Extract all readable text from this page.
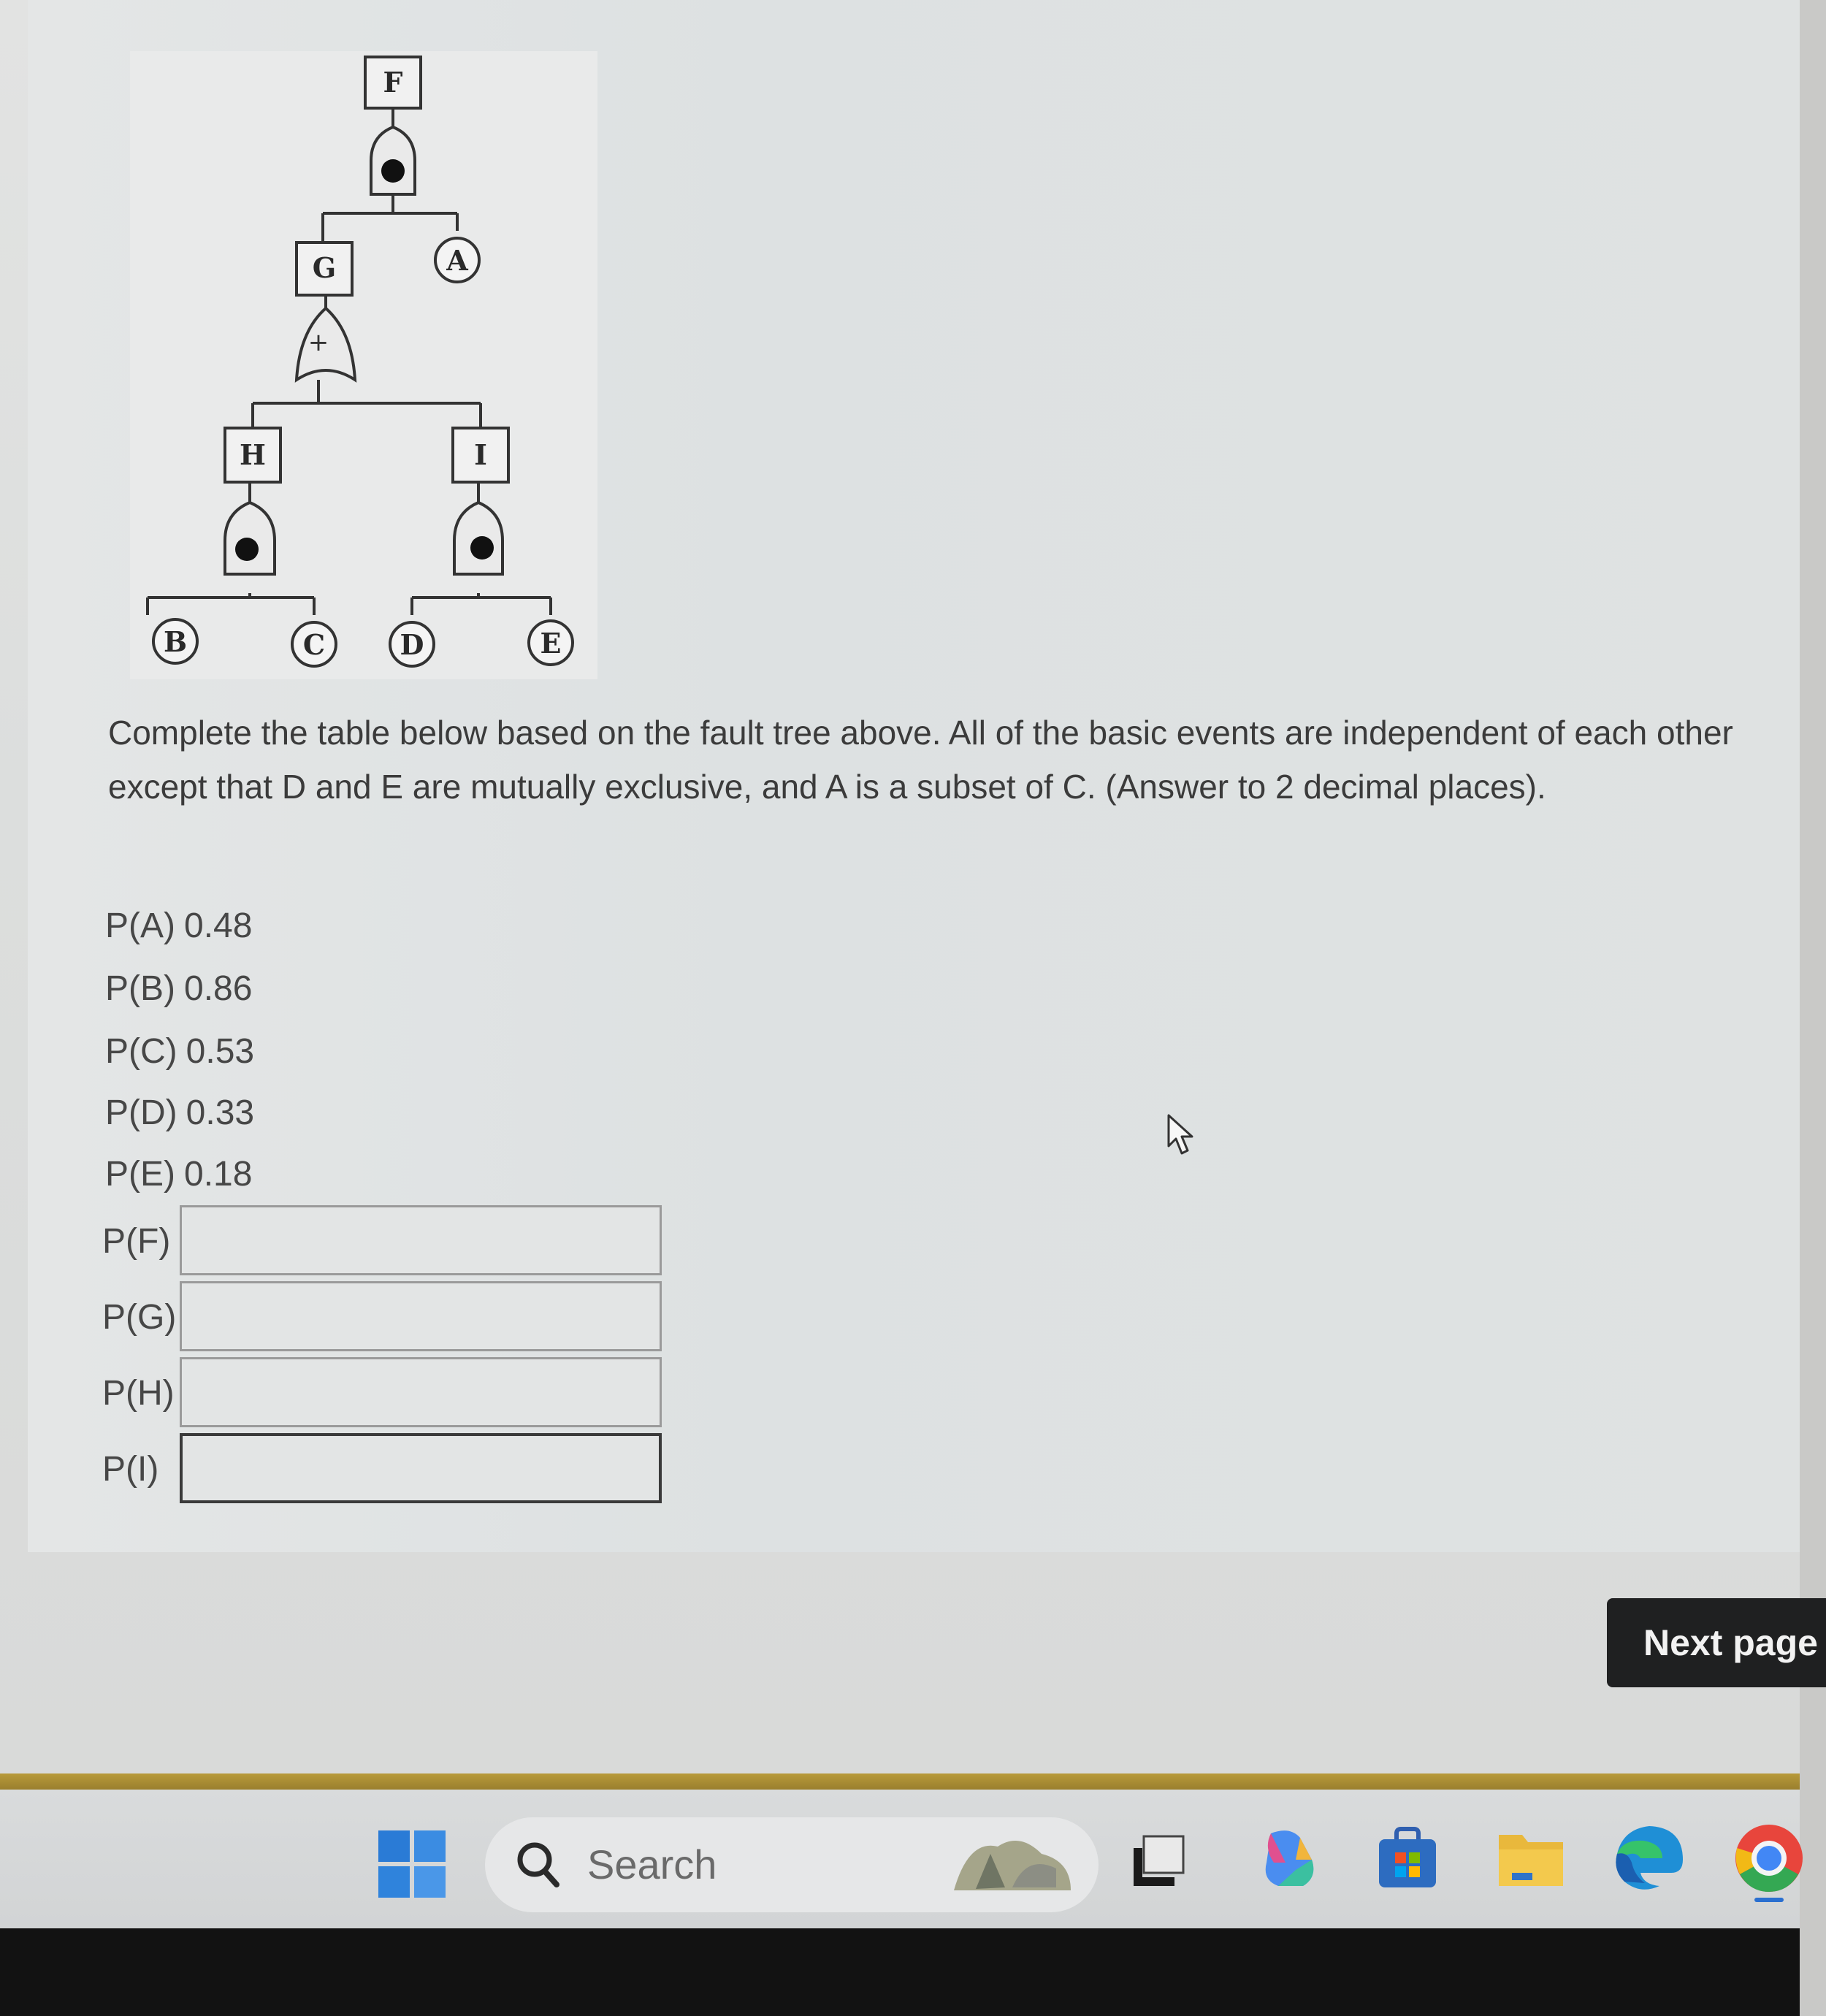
F
G
+
A
H	I
B	C	D	E

Complete the table below based on the fault tree above. All of the basic events are independent of each other except that D and E are mutually exclusive, and A is a subset of C. (Answer to 2 decimal places).

P(A) 0.48
P(B) 0.86
P(C) 0.53
P(D) 0.33
P(E) 0.18
P(F)
P(G)
P(H)
P(I)
Next page
Search
